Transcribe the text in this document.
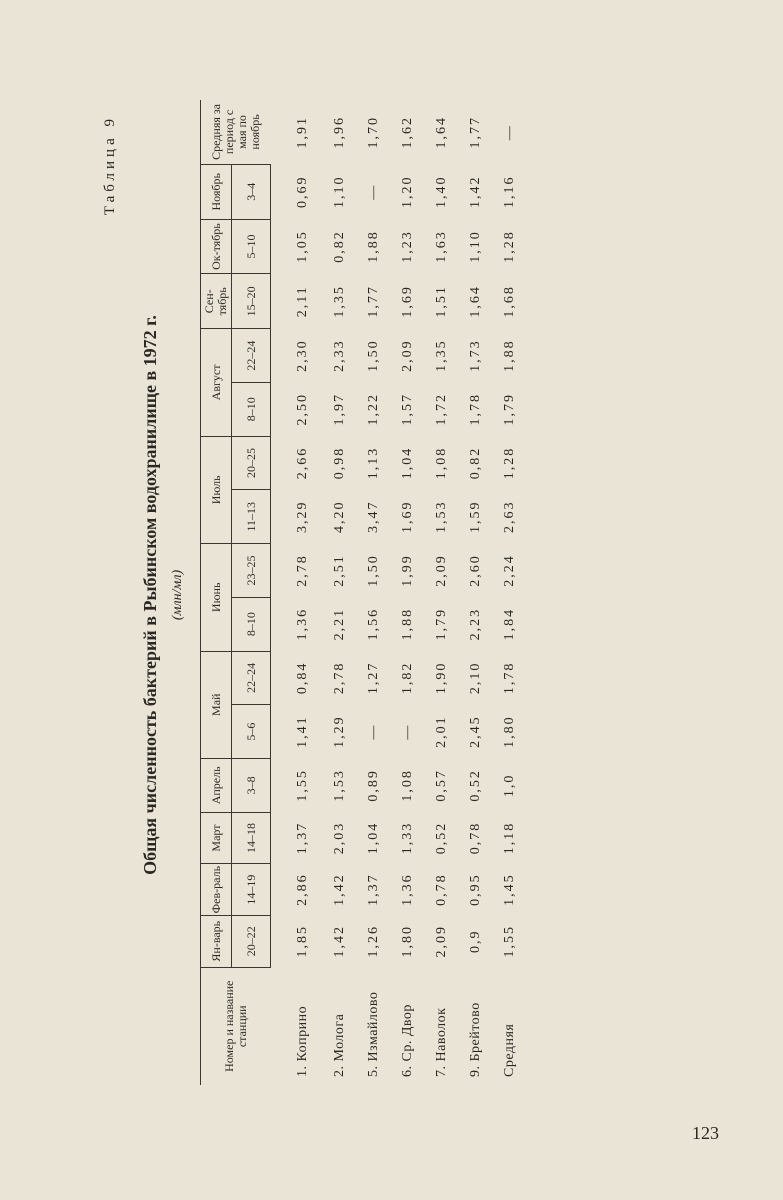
Таблица 9
Общая численность бактерий в Рыбинском водохранилище в 1972 г. (млн/мл)
Номер и название станции	Ян-варь	Фев-раль	Март	Апрель	Май		Июнь		Июль		Август		Сен-тябрь	Ок-тябрь	Ноябрь	Средняя за период с мая по ноябрь

	20–22	14–19	14–18	3–8	5–6	22–24	8–10	23–25	11–13	20–25	8–10	22–24	15–20	5–10	3–4	
1. Коприно	1,85	2,86	1,37	1,55	1,41	0,84	1,36	2,78	3,29	2,66	2,50	2,30	2,11	1,05	0,69	1,91
2. Молога	1,42	1,42	2,03	1,53	1,29	2,78	2,21	2,51	4,20	0,98	1,97	2,33	1,35	0,82	1,10	1,96
5. Измайлово	1,26	1,37	1,04	0,89	—	1,27	1,56	1,50	3,47	1,13	1,22	1,50	1,77	1,88	—	1,70
6. Ср. Двор	1,80	1,36	1,33	1,08	—	1,82	1,88	1,99	1,69	1,04	1,57	2,09	1,69	1,23	1,20	1,62
7. Наволок	2,09	0,78	0,52	0,57	2,01	1,90	1,79	2,09	1,53	1,08	1,72	1,35	1,51	1,63	1,40	1,64
9. Брейтово	0,9	0,95	0,78	0,52	2,45	2,10	2,23	2,60	1,59	0,82	1,78	1,73	1,64	1,10	1,42	1,77
Средняя	1,55	1,45	1,18	1,0	1,80	1,78	1,84	2,24	2,63	1,28	1,79	1,88	1,68	1,28	1,16	—
123
